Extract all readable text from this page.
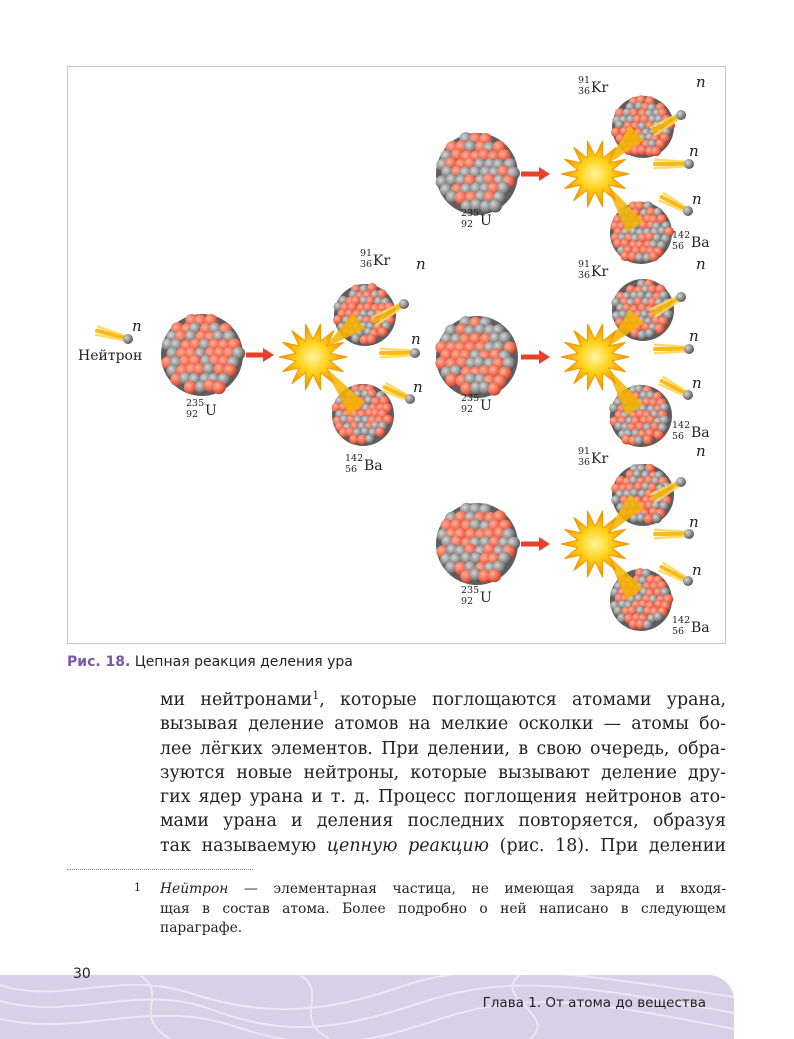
n
Нейтрон
235
92 U
n
n
n
91
36 Kr
142
56 Ba
235
92 U
n
n
n
91
36 Kr
142
56 Ba
235
92 U
n
n
n
91
36 Kr
142
56 Ba
235
92 U
n
n
n
91
36 Kr
142
56 Ba
Рис. 18. Цепная реакция деления ура
ми нейтронами$^1$, которые поглощаются атомами урана,
вызывая деление атомов на мелкие осколки — атомы бо-
лее лёгких элементов. При делении, в свою очередь, обра-
зуются новые нейтроны, которые вызывают деление дру-
гих ядер урана и т. д. Процесс поглощения нейтронов ато-
мами урана и деления последних повторяется, образуя
так называемую цепную реакцию (рис. 18). При делении
1 Нейтрон — элементарная частица, не имеющая заряда и входя-
щая в состав атома. Более подробно о ней написано в следующем
параграфе.
30
Глава 1. От атома до вещества
